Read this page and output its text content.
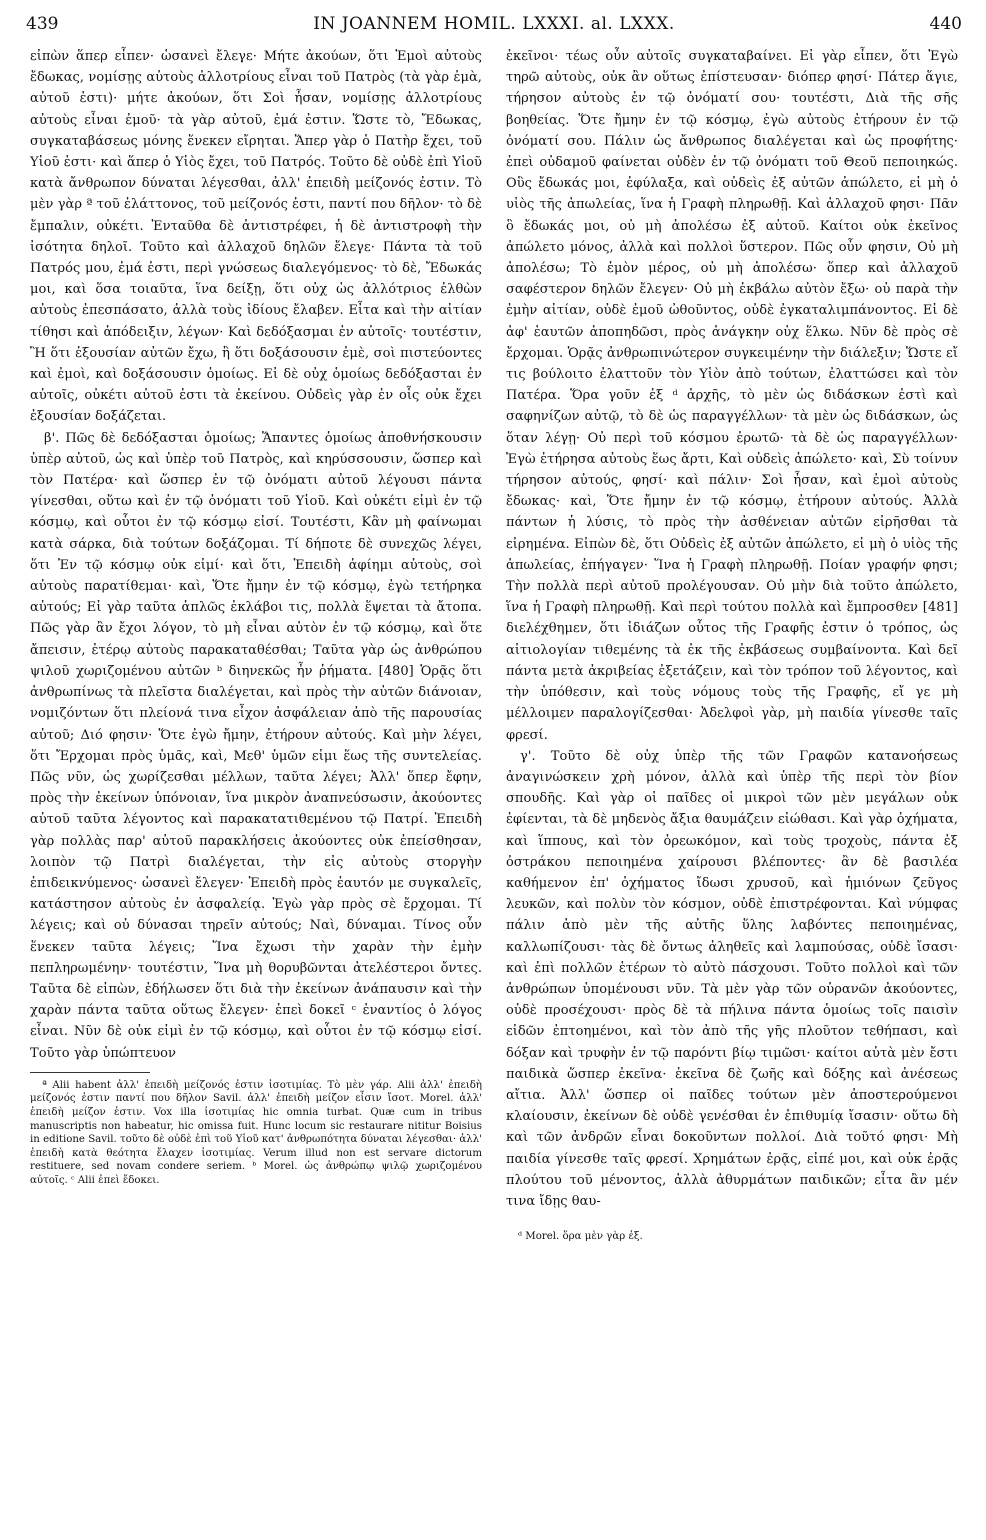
439	IN JOANNEM HOMIL. LXXXI. al. LXXX.	440

εἰπὼν ἅπερ εἶπεν· ὡσανεὶ ἔλεγε· Μήτε ἀκούων, ὅτι Ἐμοὶ αὐτοὺς ἔδωκας, νομίσῃς αὐτοὺς ἀλλοτρίους εἶναι τοῦ Πατρὸς (τὰ γὰρ ἐμὰ, αὐτοῦ ἐστι)· μήτε ἀκούων, ὅτι Σοὶ ἦσαν, νομίσῃς ἀλλοτρίους αὐτοὺς εἶναι ἐμοῦ· τὰ γὰρ αὐτοῦ, ἐμά ἐστιν. Ὥστε τὸ, Ἔδωκας, συγκαταβάσεως μόνης ἕνεκεν εἴρηται. Ἅπερ γὰρ ὁ Πατὴρ ἔχει, τοῦ Υἱοῦ ἐστι· καὶ ἅπερ ὁ Υἱὸς ἔχει, τοῦ Πατρός. Τοῦτο δὲ οὐδὲ ἐπὶ Υἱοῦ κατὰ ἄνθρωπον δύναται λέγεσθαι, ἀλλ' ἐπειδὴ μείζονός ἐστιν. Τὸ μὲν γὰρ ª τοῦ ἐλάττονος, τοῦ μείζονός ἐστι, παντί που δῆλον· τὸ δὲ ἔμπαλιν, οὐκέτι. Ἐνταῦθα δὲ ἀντιστρέφει, ἡ δὲ ἀντιστροφὴ τὴν ἰσότητα δηλοῖ. Τοῦτο καὶ ἀλλαχοῦ δηλῶν ἔλεγε· Πάντα τὰ τοῦ Πατρός μου, ἐμά ἐστι, περὶ γνώσεως διαλεγόμενος· τὸ δὲ, Ἔδωκάς μοι, καὶ ὅσα τοιαῦτα, ἵνα δείξῃ, ὅτι οὐχ ὡς ἀλλότριος ἐλθὼν αὐτοὺς ἐπεσπάσατο, ἀλλὰ τοὺς ἰδίους ἔλαβεν. Εἶτα καὶ τὴν αἰτίαν τίθησι καὶ ἀπόδειξιν, λέγων· Καὶ δεδόξασμαι ἐν αὐτοῖς· τουτέστιν, Ἢ ὅτι ἐξουσίαν αὐτῶν ἔχω, ἢ ὅτι δοξάσουσιν ἐμὲ, σοὶ πιστεύοντες καὶ ἐμοὶ, καὶ δοξάσουσιν ὁμοίως. Εἰ δὲ οὐχ ὁμοίως δεδόξασται ἐν αὐτοῖς, οὐκέτι αὐτοῦ ἐστι τὰ ἐκείνου. Οὐδεὶς γὰρ ἐν οἷς οὐκ ἔχει ἐξουσίαν δοξάζεται.

β'. Πῶς δὲ δεδόξασται ὁμοίως; Ἅπαντες ὁμοίως ἀποθνήσκουσιν ὑπὲρ αὐτοῦ, ὡς καὶ ὑπὲρ τοῦ Πατρὸς, καὶ κηρύσσουσιν, ὥσπερ καὶ τὸν Πατέρα· καὶ ὥσπερ ἐν τῷ ὀνόματι αὐτοῦ λέγουσι πάντα γίνεσθαι, οὕτω καὶ ἐν τῷ ὀνόματι τοῦ Υἱοῦ. Καὶ οὐκέτι εἰμὶ ἐν τῷ κόσμῳ, καὶ οὗτοι ἐν τῷ κόσμῳ εἰσί. Τουτέστι, Κἂν μὴ φαίνωμαι κατὰ σάρκα, διὰ τούτων δοξάζομαι. Τί δήποτε δὲ συνεχῶς λέγει, ὅτι Ἐν τῷ κόσμῳ οὐκ εἰμί· καὶ ὅτι, Ἐπειδὴ ἀφίημι αὐτοὺς, σοὶ αὐτοὺς παρατίθεμαι· καὶ, Ὅτε ἤμην ἐν τῷ κόσμῳ, ἐγὼ τετήρηκα αὐτούς; Εἰ γὰρ ταῦτα ἁπλῶς ἐκλάβοι τις, πολλὰ ἕψεται τὰ ἄτοπα. Πῶς γὰρ ἂν ἔχοι λόγον, τὸ μὴ εἶναι αὐτὸν ἐν τῷ κόσμῳ, καὶ ὅτε ἄπεισιν, ἑτέρῳ αὐτοὺς παρακαταθέσθαι; Ταῦτα γὰρ ὡς ἀνθρώπου ψιλοῦ χωριζομένου αὐτῶν ᵇ διηνεκῶς ἦν ῥήματα. [480] Ὁρᾷς ὅτι ἀνθρωπίνως τὰ πλεῖστα διαλέγεται, καὶ πρὸς τὴν αὐτῶν διάνοιαν, νομιζόντων ὅτι πλείονά τινα εἶχον ἀσφάλειαν ἀπὸ τῆς παρουσίας αὐτοῦ; Διό φησιν· Ὅτε ἐγὼ ἤμην, ἐτήρουν αὐτούς. Καὶ μὴν λέγει, ὅτι Ἔρχομαι πρὸς ὑμᾶς, καὶ, Μεθ' ὑμῶν εἰμι ἕως τῆς συντελείας. Πῶς νῦν, ὡς χωρίζεσθαι μέλλων, ταῦτα λέγει; Ἀλλ' ὅπερ ἔφην, πρὸς τὴν ἐκείνων ὑπόνοιαν, ἵνα μικρὸν ἀναπνεύσωσιν, ἀκούοντες αὐτοῦ ταῦτα λέγοντος καὶ παρακατατιθεμένου τῷ Πατρί. Ἐπειδὴ γὰρ πολλὰς παρ' αὐτοῦ παρακλήσεις ἀκούοντες οὐκ ἐπείσθησαν, λοιπὸν τῷ Πατρὶ διαλέγεται, τὴν εἰς αὐτοὺς στοργὴν ἐπιδεικνύμενος· ὡσανεὶ ἔλεγεν· Ἐπειδὴ πρὸς ἐαυτόν με συγκαλεῖς, κατάστησον αὐτοὺς ἐν ἀσφαλείᾳ. Ἐγὼ γὰρ πρὸς σὲ ἔρχομαι. Τί λέγεις; καὶ οὐ δύνασαι τηρεῖν αὐτούς; Ναὶ, δύναμαι. Τίνος οὖν ἕνεκεν ταῦτα λέγεις; Ἵνα ἔχωσι τὴν χαρὰν τὴν ἐμὴν πεπληρωμένην· τουτέστιν, Ἵνα μὴ θορυβῶνται ἀτελέστεροι ὄντες. Ταῦτα δὲ εἰπὼν, ἐδήλωσεν ὅτι διὰ τὴν ἐκείνων ἀνάπαυσιν καὶ τὴν χαρὰν πάντα ταῦτα οὕτως ἔλεγεν· ἐπεὶ δοκεῖ ᶜ ἐναντίος ὁ λόγος εἶναι. Νῦν δὲ οὐκ εἰμὶ ἐν τῷ κόσμῳ, καὶ οὗτοι ἐν τῷ κόσμῳ εἰσί. Τοῦτο γὰρ ὑπώπτευον

ª Alii habent ἀλλ' ἐπειδὴ μείζονός ἐστιν ἰσοτιμίας. Τὸ μὲν γάρ. Alii ἀλλ' ἐπειδὴ μείζονός ἐστιν παντί που δῆλον Savil. ἀλλ' ἐπειδὴ μείζον εἶσιν ἴσοτ. Morel. ἀλλ' ἐπειδὴ μείζον ἐστιν. Vox illa ἰσοτιμίας hic omnia turbat. Quæ cum in tribus manuscriptis non habeatur, hic omissa fuit. Hunc locum sic restaurare nititur Boisius in editione Savil. τοῦτο δὲ οὐδὲ ἐπὶ τοῦ Υἱοῦ κατ' ἀνθρωπότητα δύναται λέγεσθαι· ἀλλ' ἐπειδὴ κατὰ θεότητα ἔλαχεν ἰσοτιμίας. Verum illud non est servare dictorum restituere, sed novam condere seriem. ᵇ Morel. ὡς ἀνθρώπῳ ψιλῷ χωριζομένου αὐτοῖς. ᶜ Alii ἐπεὶ ἔδοκει.

ἐκεῖνοι· τέως οὖν αὐτοῖς συγκαταβαίνει. Εἰ γὰρ εἶπεν, ὅτι Ἐγὼ τηρῶ αὐτοὺς, οὐκ ἂν οὕτως ἐπίστευσαν· διόπερ φησί· Πάτερ ἅγιε, τήρησον αὐτοὺς ἐν τῷ ὀνόματί σου· τουτέστι, Διὰ τῆς σῆς βοηθείας. Ὅτε ἤμην ἐν τῷ κόσμῳ, ἐγὼ αὐτοὺς ἐτήρουν ἐν τῷ ὀνόματί σου. Πάλιν ὡς ἄνθρωπος διαλέγεται καὶ ὡς προφήτης· ἐπεὶ οὐδαμοῦ φαίνεται οὐδὲν ἐν τῷ ὀνόματι τοῦ Θεοῦ πεποιηκώς. Οὓς ἔδωκάς μοι, ἐφύλαξα, καὶ οὐδεὶς ἐξ αὐτῶν ἀπώλετο, εἰ μὴ ὁ υἱὸς τῆς ἀπωλείας, ἵνα ἡ Γραφὴ πληρωθῇ. Καὶ ἀλλαχοῦ φησι· Πᾶν ὃ ἔδωκάς μοι, οὐ μὴ ἀπολέσω ἐξ αὐτοῦ. Καίτοι οὐκ ἐκεῖνος ἀπώλετο μόνος, ἀλλὰ καὶ πολλοὶ ὕστερον. Πῶς οὖν φησιν, Οὐ μὴ ἀπολέσω; Τὸ ἐμὸν μέρος, οὐ μὴ ἀπολέσω· ὅπερ καὶ ἀλλαχοῦ σαφέστερον δηλῶν ἔλεγεν· Οὐ μὴ ἐκβάλω αὐτὸν ἔξω· οὐ παρὰ τὴν ἐμὴν αἰτίαν, οὐδὲ ἐμοῦ ὠθοῦντος, οὐδὲ ἐγκαταλιμπάνοντος. Εἰ δὲ ἀφ' ἑαυτῶν ἀποπηδῶσι, πρὸς ἀνάγκην οὐχ ἕλκω. Νῦν δὲ πρὸς σὲ ἔρχομαι. Ὁρᾷς ἀνθρωπινώτερον συγκειμένην τὴν διάλεξιν; Ὥστε εἴ τις βούλοιτο ἐλαττοῦν τὸν Υἱὸν ἀπὸ τούτων, ἐλαττώσει καὶ τὸν Πατέρα. Ὅρα γοῦν ἐξ ᵈ ἀρχῆς, τὸ μὲν ὡς διδάσκων ἐστὶ καὶ σαφηνίζων αὐτῷ, τὸ δὲ ὡς παραγγέλλων· τὰ μὲν ὡς διδάσκων, ὡς ὅταν λέγῃ· Οὐ περὶ τοῦ κόσμου ἐρωτῶ· τὰ δὲ ὡς παραγγέλλων· Ἐγὼ ἐτήρησα αὐτοὺς ἕως ἄρτι, Καὶ οὐδεὶς ἀπώλετο· καὶ, Σὺ τοίνυν τήρησον αὐτούς, φησί· καὶ πάλιν· Σοὶ ἦσαν, καὶ ἐμοὶ αὐτοὺς ἔδωκας· καὶ, Ὅτε ἤμην ἐν τῷ κόσμῳ, ἐτήρουν αὐτούς. Ἀλλὰ πάντων ἡ λύσις, τὸ πρὸς τὴν ἀσθένειαν αὐτῶν εἰρῆσθαι τὰ εἰρημένα. Εἰπὼν δὲ, ὅτι Οὐδεὶς ἐξ αὐτῶν ἀπώλετο, εἰ μὴ ὁ υἱὸς τῆς ἀπωλείας, ἐπήγαγεν· Ἵνα ἡ Γραφὴ πληρωθῇ. Ποίαν γραφήν φησι; Τὴν πολλὰ περὶ αὐτοῦ προλέγουσαν. Οὐ μὴν διὰ τοῦτο ἀπώλετο, ἵνα ἡ Γραφὴ πληρωθῇ. Καὶ περὶ τούτου πολλὰ καὶ ἔμπροσθεν [481] διελέχθημεν, ὅτι ἰδιάζων οὗτος τῆς Γραφῆς ἐστιν ὁ τρόπος, ὡς αἰτιολογίαν τιθεμένης τὰ ἐκ τῆς ἐκβάσεως συμβαίνοντα. Καὶ δεῖ πάντα μετὰ ἀκριβείας ἐξετάζειν, καὶ τὸν τρόπον τοῦ λέγοντος, καὶ τὴν ὑπόθεσιν, καὶ τοὺς νόμους τοὺς τῆς Γραφῆς, εἴ γε μὴ μέλλοιμεν παραλογίζεσθαι· Ἀδελφοὶ γὰρ, μὴ παιδία γίνεσθε ταῖς φρεσί.

γ'. Τοῦτο δὲ οὐχ ὑπὲρ τῆς τῶν Γραφῶν κατανοήσεως ἀναγινώσκειν χρὴ μόνον, ἀλλὰ καὶ ὑπὲρ τῆς περὶ τὸν βίον σπουδῆς. Καὶ γὰρ οἱ παῖδες οἱ μικροὶ τῶν μὲν μεγάλων οὐκ ἐφίενται, τὰ δὲ μηδενὸς ἄξια θαυμάζειν εἰώθασι. Καὶ γὰρ ὀχήματα, καὶ ἵππους, καὶ τὸν ὀρεωκόμον, καὶ τοὺς τροχοὺς, πάντα ἐξ ὀστράκου πεποιημένα χαίρουσι βλέποντες· ἂν δὲ βασιλέα καθήμενον ἐπ' ὀχήματος ἴδωσι χρυσοῦ, καὶ ἡμιόνων ζεῦγος λευκῶν, καὶ πολὺν τὸν κόσμον, οὐδὲ ἐπιστρέφονται. Καὶ νύμφας πάλιν ἀπὸ μὲν τῆς αὐτῆς ὕλης λαβόντες πεποιημένας, καλλωπίζουσι· τὰς δὲ ὄντως ἀληθεῖς καὶ λαμπούσας, οὐδὲ ἴσασι· καὶ ἐπὶ πολλῶν ἑτέρων τὸ αὐτὸ πάσχουσι. Τοῦτο πολλοὶ καὶ τῶν ἀνθρώπων ὑπομένουσι νῦν. Τὰ μὲν γὰρ τῶν οὐρανῶν ἀκούοντες, οὐδὲ προσέχουσι· πρὸς δὲ τὰ πήλινα πάντα ὁμοίως τοῖς παισὶν εἰδῶν ἐπτοημένοι, καὶ τὸν ἀπὸ τῆς γῆς πλοῦτον τεθήπασι, καὶ δόξαν καὶ τρυφὴν ἐν τῷ παρόντι βίῳ τιμῶσι· καίτοι αὐτὰ μὲν ἔστι παιδικὰ ὥσπερ ἐκεῖνα· ἐκεῖνα δὲ ζωῆς καὶ δόξης καὶ ἀνέσεως αἴτια. Ἀλλ' ὥσπερ οἱ παῖδες τούτων μὲν ἀποστερούμενοι κλαίουσιν, ἐκείνων δὲ οὐδὲ γενέσθαι ἐν ἐπιθυμίᾳ ἴσασιν· οὕτω δὴ καὶ τῶν ἀνδρῶν εἶναι δοκοῦντων πολλοί. Διὰ τοῦτό φησι· Μὴ παιδία γίνεσθε ταῖς φρεσί. Χρημάτων ἐρᾷς, εἰπέ μοι, καὶ οὐκ ἐρᾷς πλούτου τοῦ μένοντος, ἀλλὰ ἀθυρμάτων παιδικῶν; εἶτα ἂν μέν τινα ἴδῃς θαυ-

ᵈ Morel. ὅρα μὲν γὰρ ἐξ.
